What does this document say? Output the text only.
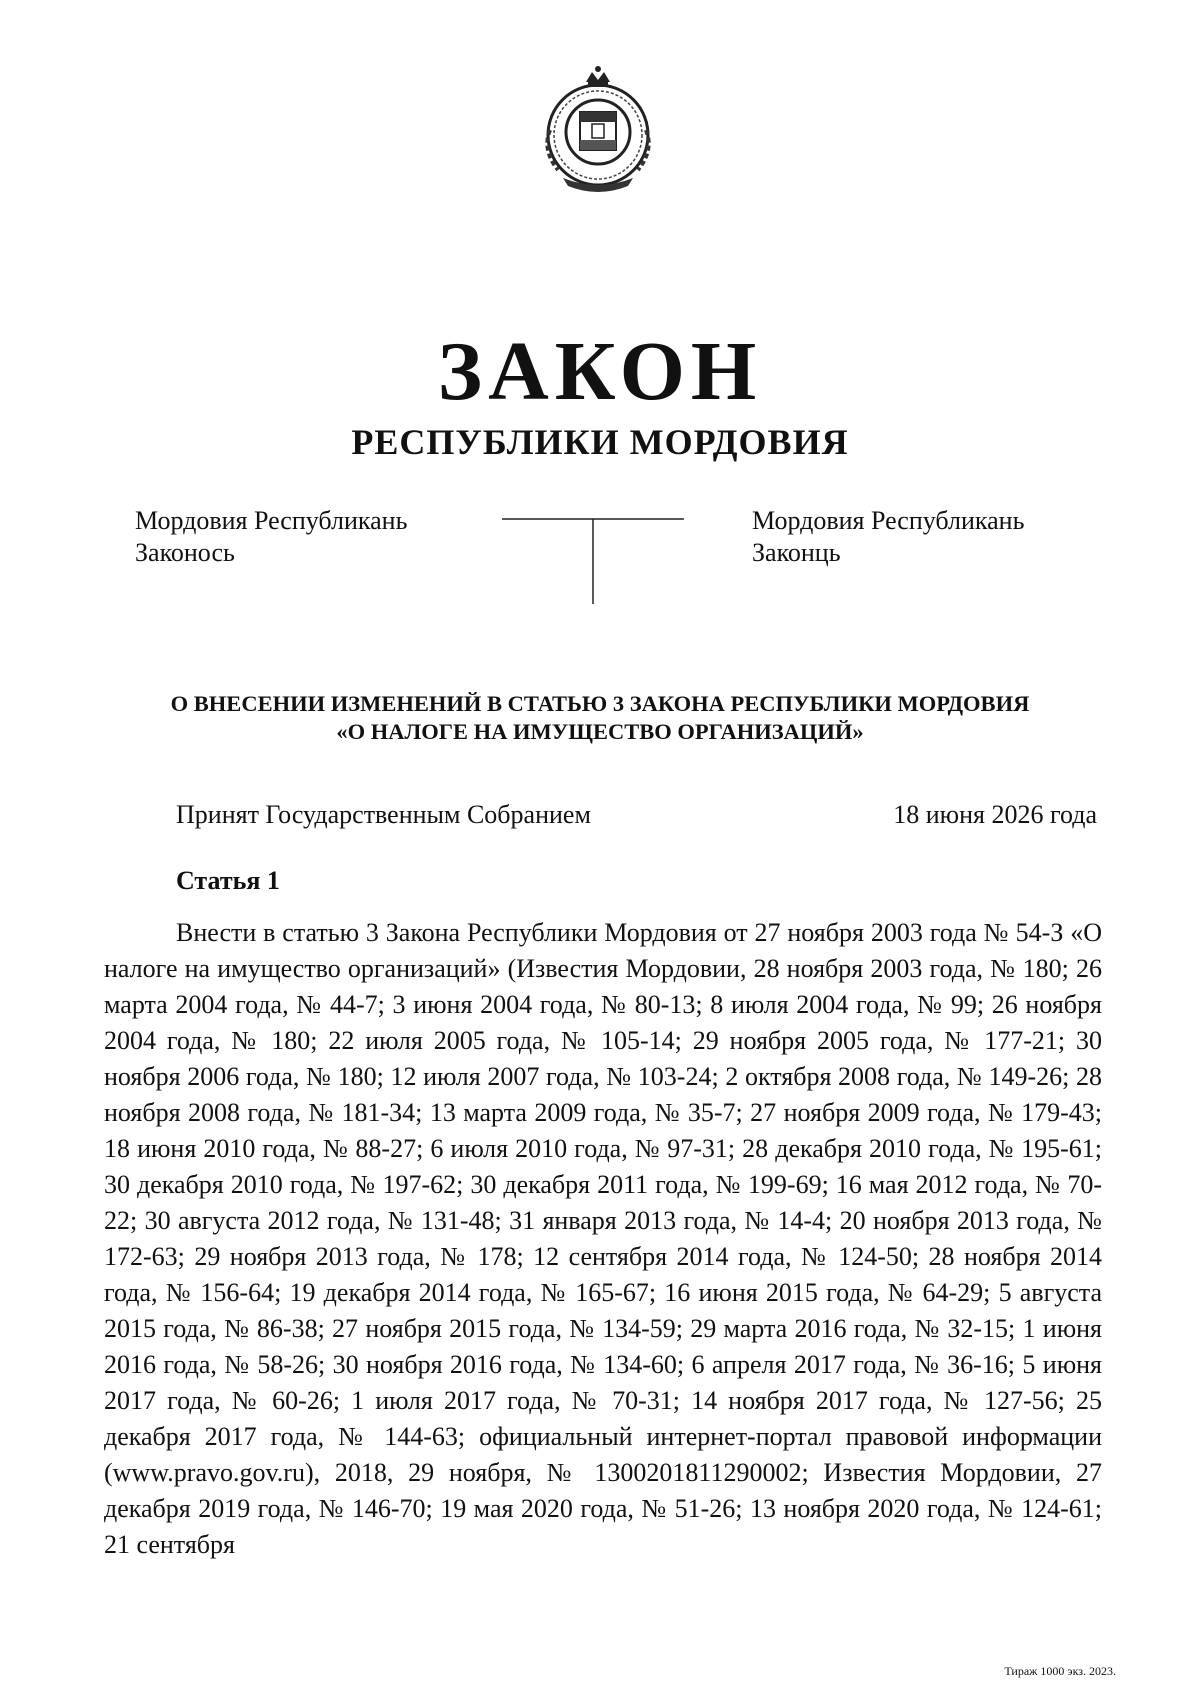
ЗАКОН
РЕСПУБЛИКИ МОРДОВИЯ
Мордовия Республикань
Законось
Мордовия Республикань
Законць
О ВНЕСЕНИИ ИЗМЕНЕНИЙ В СТАТЬЮ 3 ЗАКОНА РЕСПУБЛИКИ МОРДОВИЯ
«О НАЛОГЕ НА ИМУЩЕСТВО ОРГАНИЗАЦИЙ»
Принят Государственным Собранием	18 июня 2026 года
Статья 1

Внести в статью 3 Закона Республики Мордовия от 27 ноября 2003 года № 54-З «О налоге на имущество организаций» (Известия Мордовии, 28 ноября 2003 года, № 180; 26 марта 2004 года, № 44-7; 3 июня 2004 года, № 80-13; 8 июля 2004 года, № 99; 26 ноября 2004 года, № 180; 22 июля 2005 года, № 105-14; 29 ноября 2005 года, № 177-21; 30 ноября 2006 года, № 180; 12 июля 2007 года, № 103-24; 2 октября 2008 года, № 149-26; 28 ноября 2008 года, № 181-34; 13 марта 2009 года, № 35-7; 27 ноября 2009 года, № 179-43; 18 июня 2010 года, № 88-27; 6 июля 2010 года, № 97-31; 28 декабря 2010 года, № 195-61; 30 декабря 2010 года, № 197-62; 30 декабря 2011 года, № 199-69; 16 мая 2012 года, № 70-22; 30 августа 2012 года, № 131-48; 31 января 2013 года, № 14-4; 20 ноября 2013 года, № 172-63; 29 ноября 2013 года, № 178; 12 сентября 2014 года, № 124-50; 28 ноября 2014 года, № 156-64; 19 декабря 2014 года, № 165-67; 16 июня 2015 года, № 64-29; 5 августа 2015 года, № 86-38; 27 ноября 2015 года, № 134-59; 29 марта 2016 года, № 32-15; 1 июня 2016 года, № 58-26; 30 ноября 2016 года, № 134-60; 6 апреля 2017 года, № 36-16; 5 июня 2017 года, № 60-26; 1 июля 2017 года, № 70-31; 14 ноября 2017 года, № 127-56; 25 декабря 2017 года, № 144-63; официальный интернет-портал правовой информации (www.pravo.gov.ru), 2018, 29 ноября, № 1300201811290002; Известия Мордовии, 27 декабря 2019 года, № 146-70; 19 мая 2020 года, № 51-26; 13 ноября 2020 года, № 124-61; 21 сентября

Тираж 1000 экз. 2023.
